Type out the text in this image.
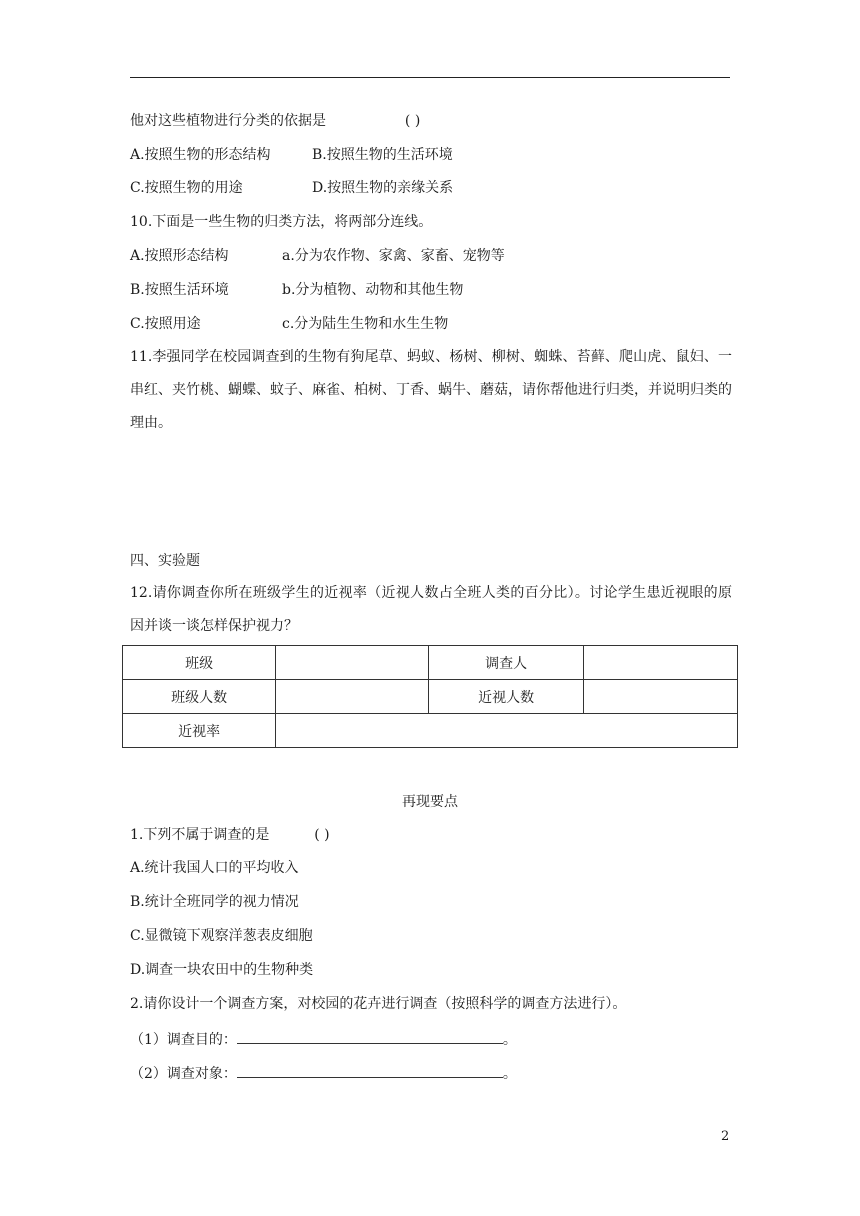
他对这些植物进行分类的依据是	( )
A.按照生物的形态结构	B.按照生物的生活环境
C.按照生物的用途	D.按照生物的亲缘关系
10.下面是一些生物的归类方法，将两部分连线。
A.按照形态结构	a.分为农作物、家禽、家畜、宠物等
B.按照生活环境	b.分为植物、动物和其他生物
C.按照用途	c.分为陆生生物和水生生物
11.李强同学在校园调查到的生物有狗尾草、蚂蚁、杨树、柳树、蜘蛛、苔藓、爬山虎、鼠妇、一串红、夹竹桃、蝴蝶、蚊子、麻雀、柏树、丁香、蜗牛、蘑菇，请你帮他进行归类，并说明归类的理由。
四、实验题
12.请你调查你所在班级学生的近视率（近视人数占全班人类的百分比）。讨论学生患近视眼的原因并谈一谈怎样保护视力？
班级		调查人	
班级人数		近视人数	
近视率			
再现要点
1.下列不属于调查的是	( )
A.统计我国人口的平均收入
B.统计全班同学的视力情况
C.显微镜下观察洋葱表皮细胞
D.调查一块农田中的生物种类
2.请你设计一个调查方案，对校园的花卉进行调查（按照科学的调查方法进行）。
（1）调查目的：	。
（2）调查对象：	。
2
